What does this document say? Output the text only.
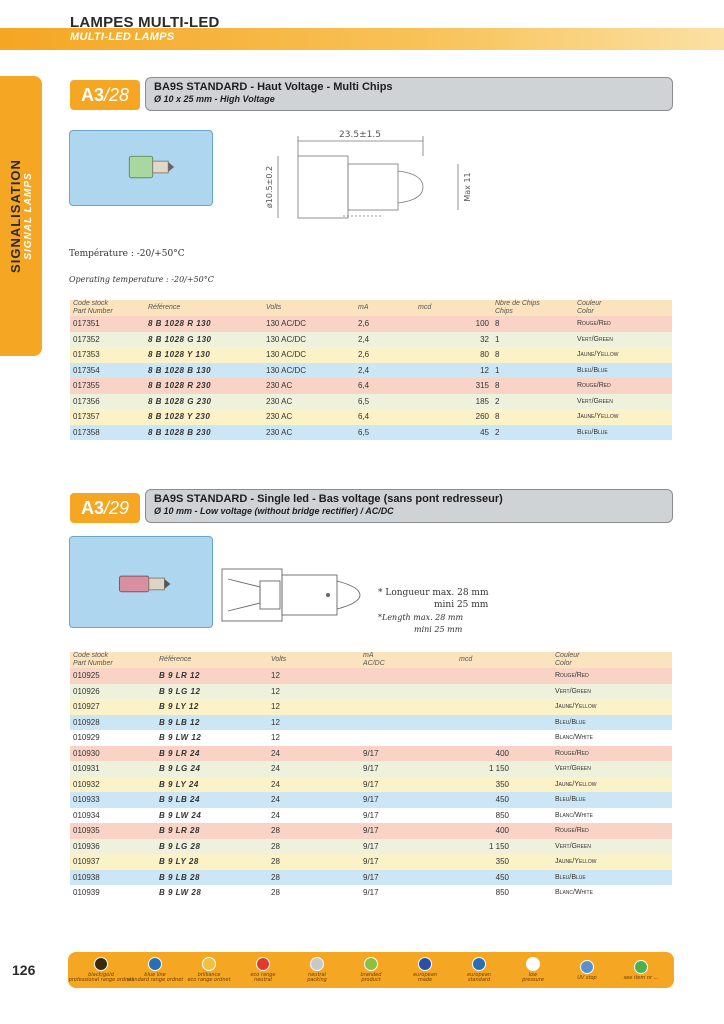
LAMPES MULTI-LED
MULTI-LED LAMPS
SIGNALISATION SIGNAL LAMPS
A3 /28 BA9S STANDARD - Haut Voltage - Multi Chips
Ø 10 x 25 mm - High Voltage
23.5±1.5
ø10.5±0.2	Max 11
Température : -20/+50°C
Operating temperature : -20/+50°C
Code stock
Part Number	Référence	Volts	mA	mcd	Nbre de Chips
Chips	Couleur
Color
017351	8 B 1028 R 130	130 AC/DC	2,6	100	8	Rouge/Red
017352	8 B 1028 G 130	130 AC/DC	2,4	32	1	Vert/Green
017353	8 B 1028 Y 130	130 AC/DC	2,6	80	8	Jaune/Yellow
017354	8 B 1028 B 130	130 AC/DC	2,4	12	1	Bleu/Blue
017355	8 B 1028 R 230	230 AC	6,4	315	8	Rouge/Red
017356	8 B 1028 G 230	230 AC	6,5	185	2	Vert/Green
017357	8 B 1028 Y 230	230 AC	6,4	260	8	Jaune/Yellow
017358	8 B 1028 B 230	230 AC	6,5	45	2	Bleu/Blue
A3 /29 BA9S STANDARD - Single led - Bas voltage (sans pont redresseur)
Ø 10 mm - Low voltage (without bridge rectifier) / AC/DC
* Longueur max. 28 mm
mini 25 mm
*Length max. 28 mm
mini 25 mm
Code stock
Part Number	Référence	Volts	mA
AC/DC	mcd		Couleur
Color
010925	B 9 LR 12	12				Rouge/Red
010926	B 9 LG 12	12				Vert/Green
010927	B 9 LY 12	12				Jaune/Yellow
010928	B 9 LB 12	12				Bleu/Blue
010929	B 9 LW 12	12				Blanc/White
010930	B 9 LR 24	24	9/17	400		Rouge/Red
010931	B 9 LG 24	24	9/17	1 150		Vert/Green
010932	B 9 LY 24	24	9/17	350		Jaune/Yellow
010933	B 9 LB 24	24	9/17	450		Bleu/Blue
010934	B 9 LW 24	24	9/17	850		Blanc/White
010935	B 9 LR 28	28	9/17	400		Rouge/Red
010936	B 9 LG 28	28	9/17	1 150		Vert/Green
010937	B 9 LY 28	28	9/17	350		Jaune/Yellow
010938	B 9 LB 28	28	9/17	450		Bleu/Blue
010939	B 9 LW 28	28	9/17	850		Blanc/White
126	black/gold
professional range ordnet
blue line
standard range ordnet
brilliance
eco range ordnet
eco range
neutral
neutral
packing
branded
product
european
made
european
standard
low
pressure	UV stop	see item nr ...
